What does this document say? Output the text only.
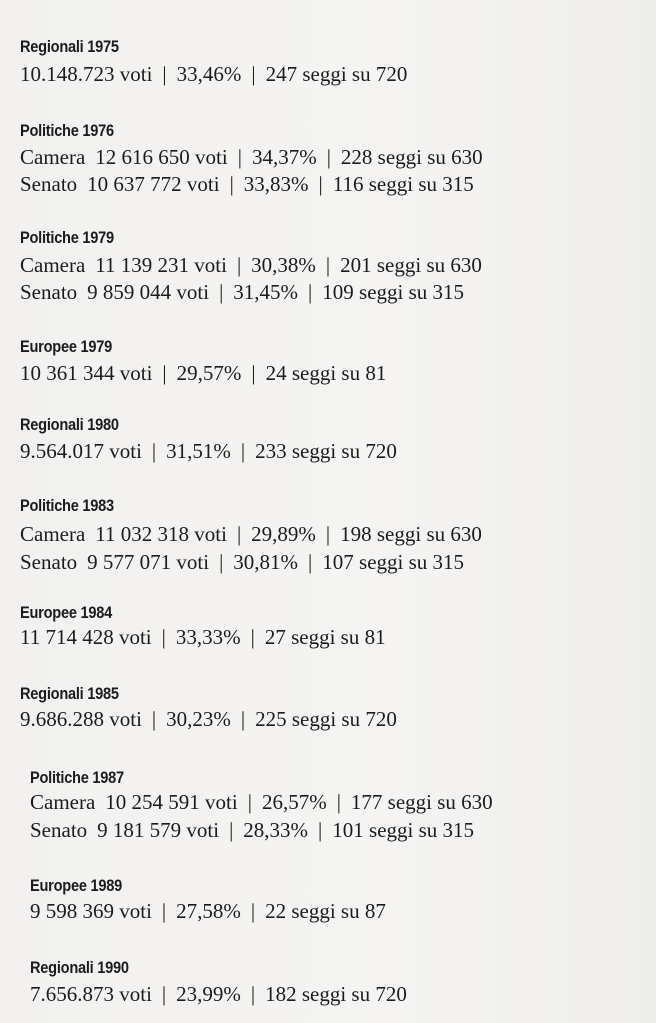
Regionali 1975
10.148.723 voti | 33,46% | 247 seggi su 720
Politiche 1976
Camera 12 616 650 voti | 34,37% | 228 seggi su 630
Senato 10 637 772 voti | 33,83% | 116 seggi su 315
Politiche 1979
Camera 11 139 231 voti | 30,38% | 201 seggi su 630
Senato 9 859 044 voti | 31,45% | 109 seggi su 315
Europee 1979
10 361 344 voti | 29,57% | 24 seggi su 81
Regionali 1980
9.564.017 voti | 31,51% | 233 seggi su 720
Politiche 1983
Camera 11 032 318 voti | 29,89% | 198 seggi su 630
Senato 9 577 071 voti | 30,81% | 107 seggi su 315
Europee 1984
11 714 428 voti | 33,33% | 27 seggi su 81
Regionali 1985
9.686.288 voti | 30,23% | 225 seggi su 720
Politiche 1987
Camera 10 254 591 voti | 26,57% | 177 seggi su 630
Senato 9 181 579 voti | 28,33% | 101 seggi su 315
Europee 1989
9 598 369 voti | 27,58% | 22 seggi su 87
Regionali 1990
7.656.873 voti | 23,99% | 182 seggi su 720
